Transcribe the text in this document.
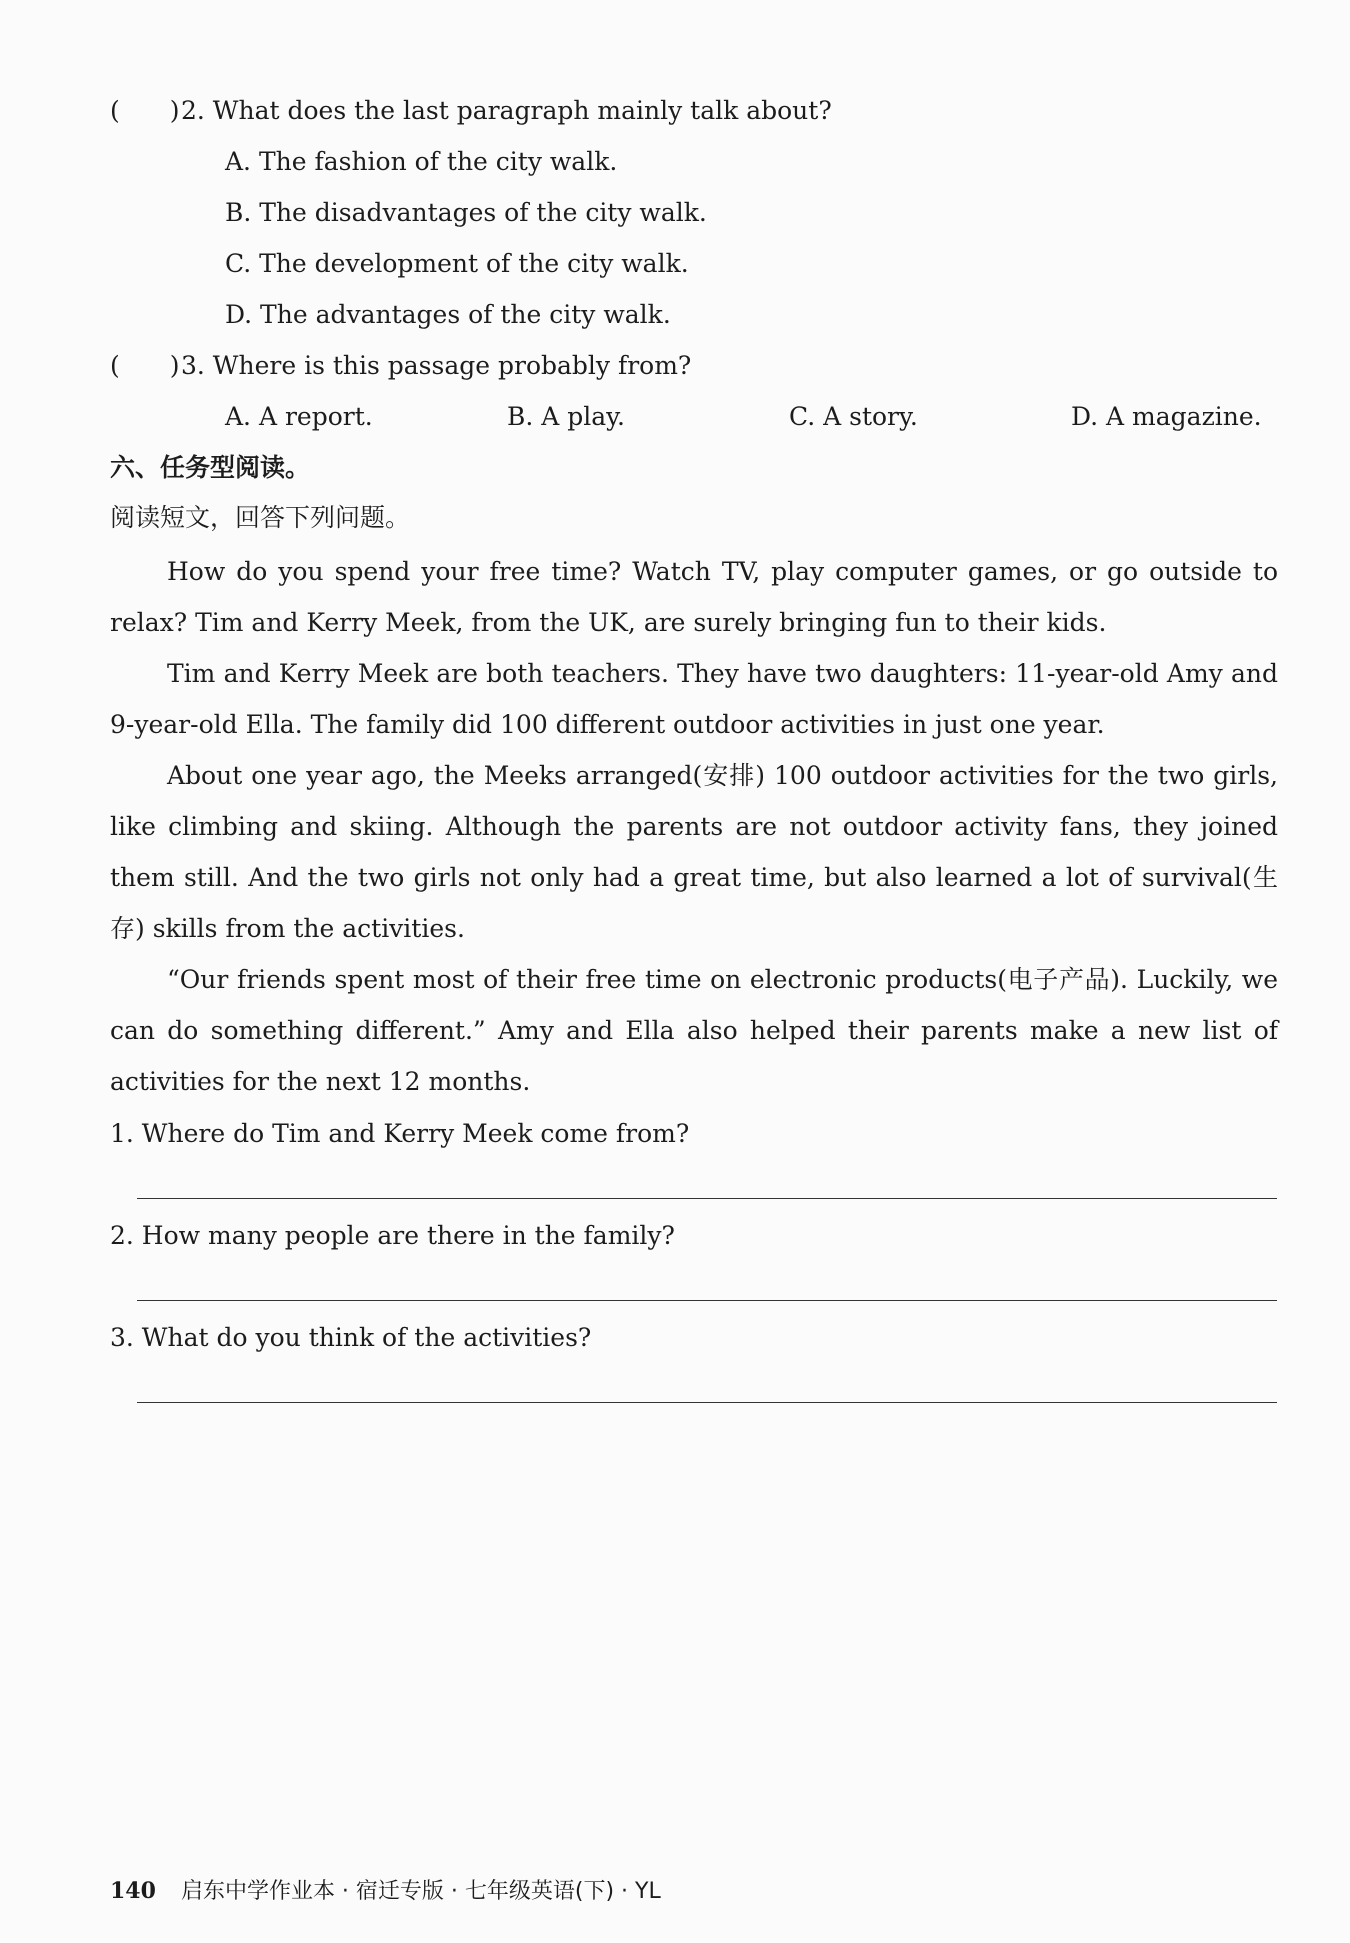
(　　) 2. What does the last paragraph mainly talk about?
A. The fashion of the city walk.
B. The disadvantages of the city walk.
C. The development of the city walk.
D. The advantages of the city walk.
(　　) 3. Where is this passage probably from?
A. A report.	B. A play.	C. A story.	D. A magazine.
六、任务型阅读。
阅读短文，回答下列问题。

How do you spend your free time? Watch TV, play computer games, or go outside to relax? Tim and Kerry Meek, from the UK, are surely bringing fun to their kids.

Tim and Kerry Meek are both teachers. They have two daughters: 11-year-old Amy and 9-year-old Ella. The family did 100 different outdoor activities in just one year.

About one year ago, the Meeks arranged(安排) 100 outdoor activities for the two girls, like climbing and skiing. Although the parents are not outdoor activity fans, they joined them still. And the two girls not only had a great time, but also learned a lot of survival(生存) skills from the activities.

“Our friends spent most of their free time on electronic products(电子产品). Luckily, we can do something different.” Amy and Ella also helped their parents make a new list of activities for the next 12 months.

1. Where do Tim and Kerry Meek come from?
2. How many people are there in the family?
3. What do you think of the activities?
140 启东中学作业本 · 宿迁专版 · 七年级英语(下) · YL
